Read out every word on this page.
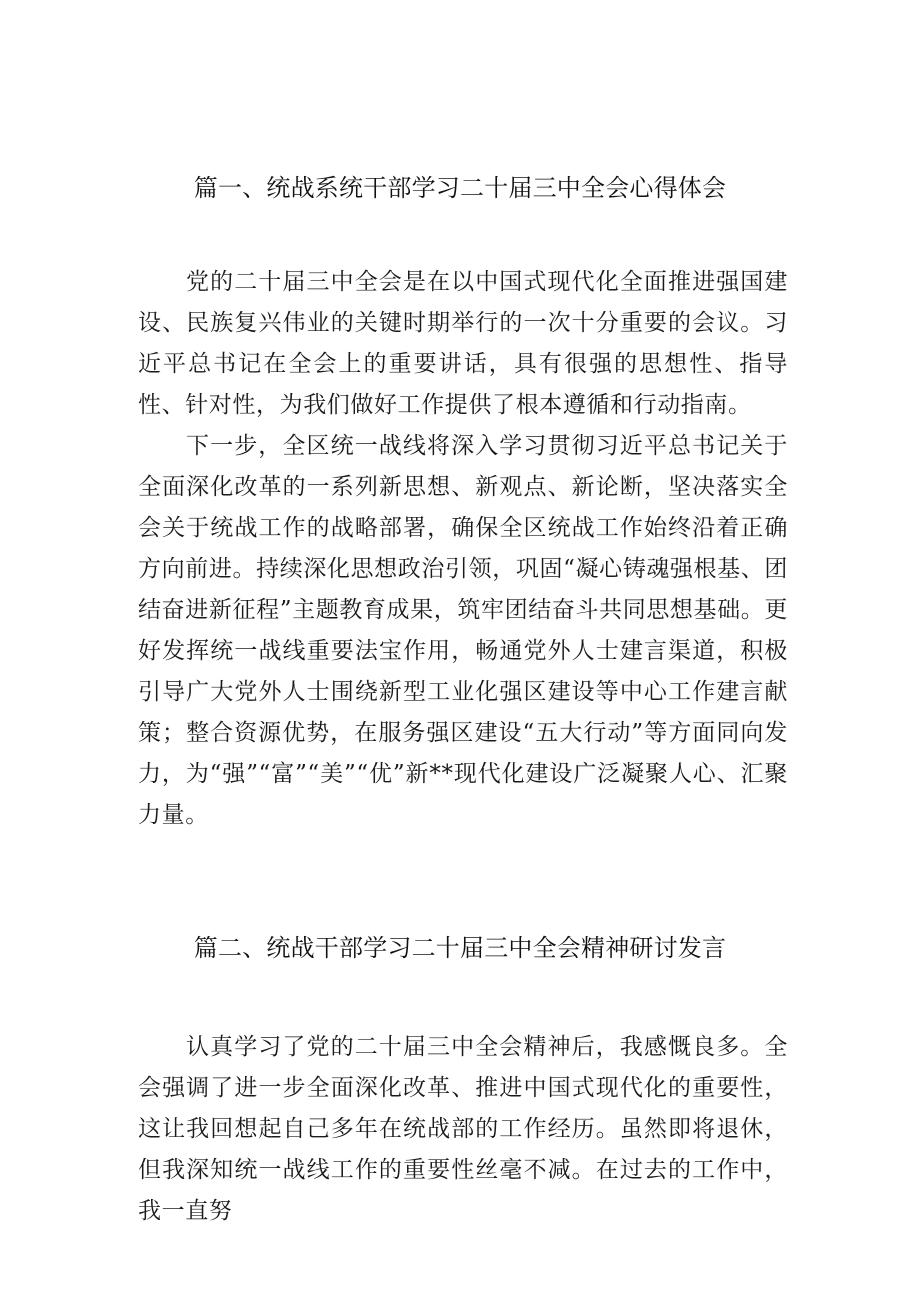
篇一、统战系统干部学习二十届三中全会心得体会

党的二十届三中全会是在以中国式现代化全面推进强国建设、民族复兴伟业的关键时期举行的一次十分重要的会议。习近平总书记在全会上的重要讲话，具有很强的思想性、指导性、针对性，为我们做好工作提供了根本遵循和行动指南。

下一步，全区统一战线将深入学习贯彻习近平总书记关于全面深化改革的一系列新思想、新观点、新论断，坚决落实全会关于统战工作的战略部署，确保全区统战工作始终沿着正确方向前进。持续深化思想政治引领，巩固“凝心铸魂强根基、团结奋进新征程”主题教育成果，筑牢团结奋斗共同思想基础。更好发挥统一战线重要法宝作用，畅通党外人士建言渠道，积极引导广大党外人士围绕新型工业化强区建设等中心工作建言献策；整合资源优势，在服务强区建设“五大行动”等方面同向发力，为“强”“富”“美”“优”新**现代化建设广泛凝聚人心、汇聚力量。

篇二、统战干部学习二十届三中全会精神研讨发言

认真学习了党的二十届三中全会精神后，我感慨良多。全会强调了进一步全面深化改革、推进中国式现代化的重要性，这让我回想起自己多年在统战部的工作经历。虽然即将退休，但我深知统一战线工作的重要性丝毫不减。在过去的工作中，我一直努
